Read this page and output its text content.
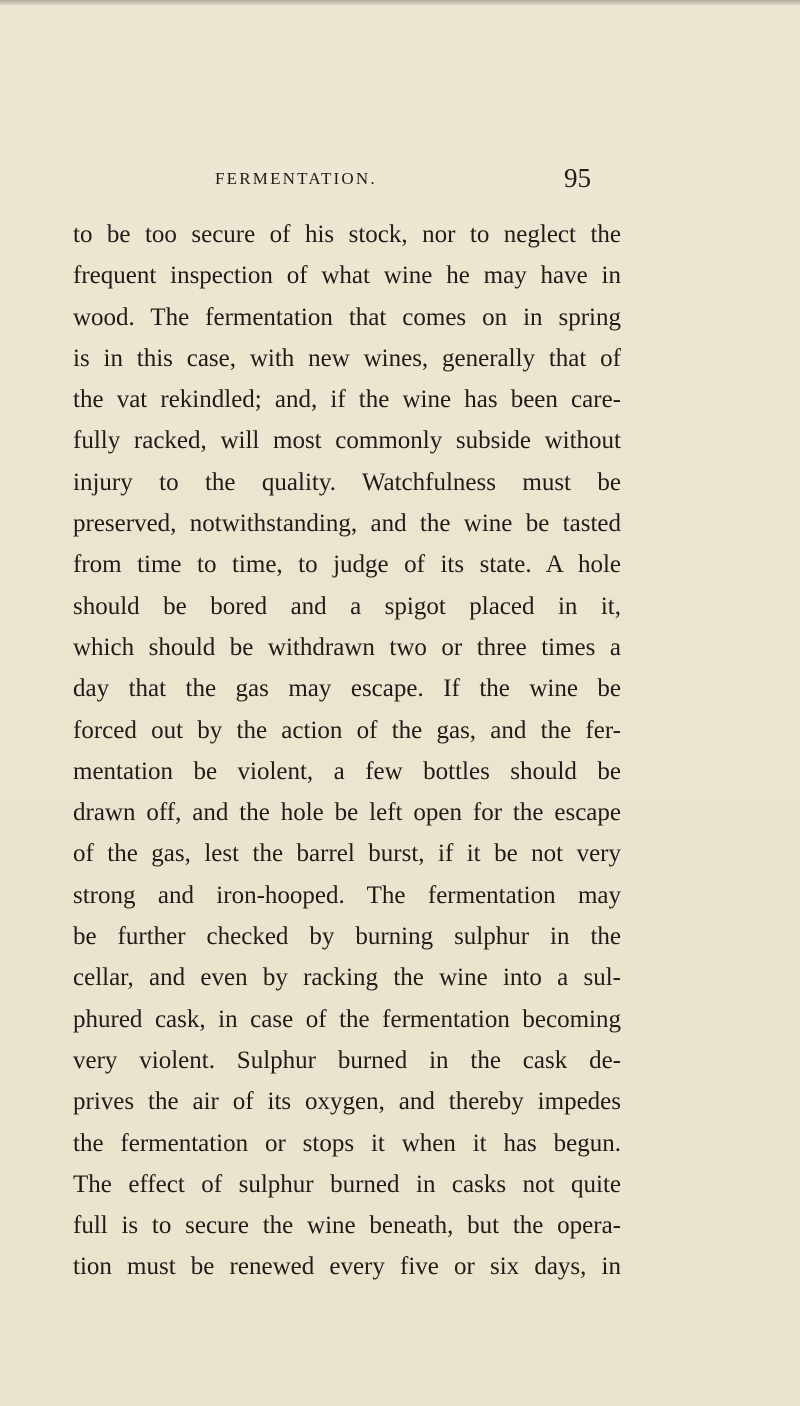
FERMENTATION.	95
to be too secure of his stock, nor to neglect the
frequent inspection of what wine he may have in
wood. The fermentation that comes on in spring
is in this case, with new wines, generally that of
the vat rekindled; and, if the wine has been care-
fully racked, will most commonly subside without
injury to the quality. Watchfulness must be
preserved, notwithstanding, and the wine be tasted
from time to time, to judge of its state. A hole
should be bored and a spigot placed in it,
which should be withdrawn two or three times a
day that the gas may escape. If the wine be
forced out by the action of the gas, and the fer-
mentation be violent, a few bottles should be
drawn off, and the hole be left open for the escape
of the gas, lest the barrel burst, if it be not very
strong and iron-hooped. The fermentation may
be further checked by burning sulphur in the
cellar, and even by racking the wine into a sul-
phured cask, in case of the fermentation becoming
very violent. Sulphur burned in the cask de-
prives the air of its oxygen, and thereby impedes
the fermentation or stops it when it has begun.
The effect of sulphur burned in casks not quite
full is to secure the wine beneath, but the opera-
tion must be renewed every five or six days, in
